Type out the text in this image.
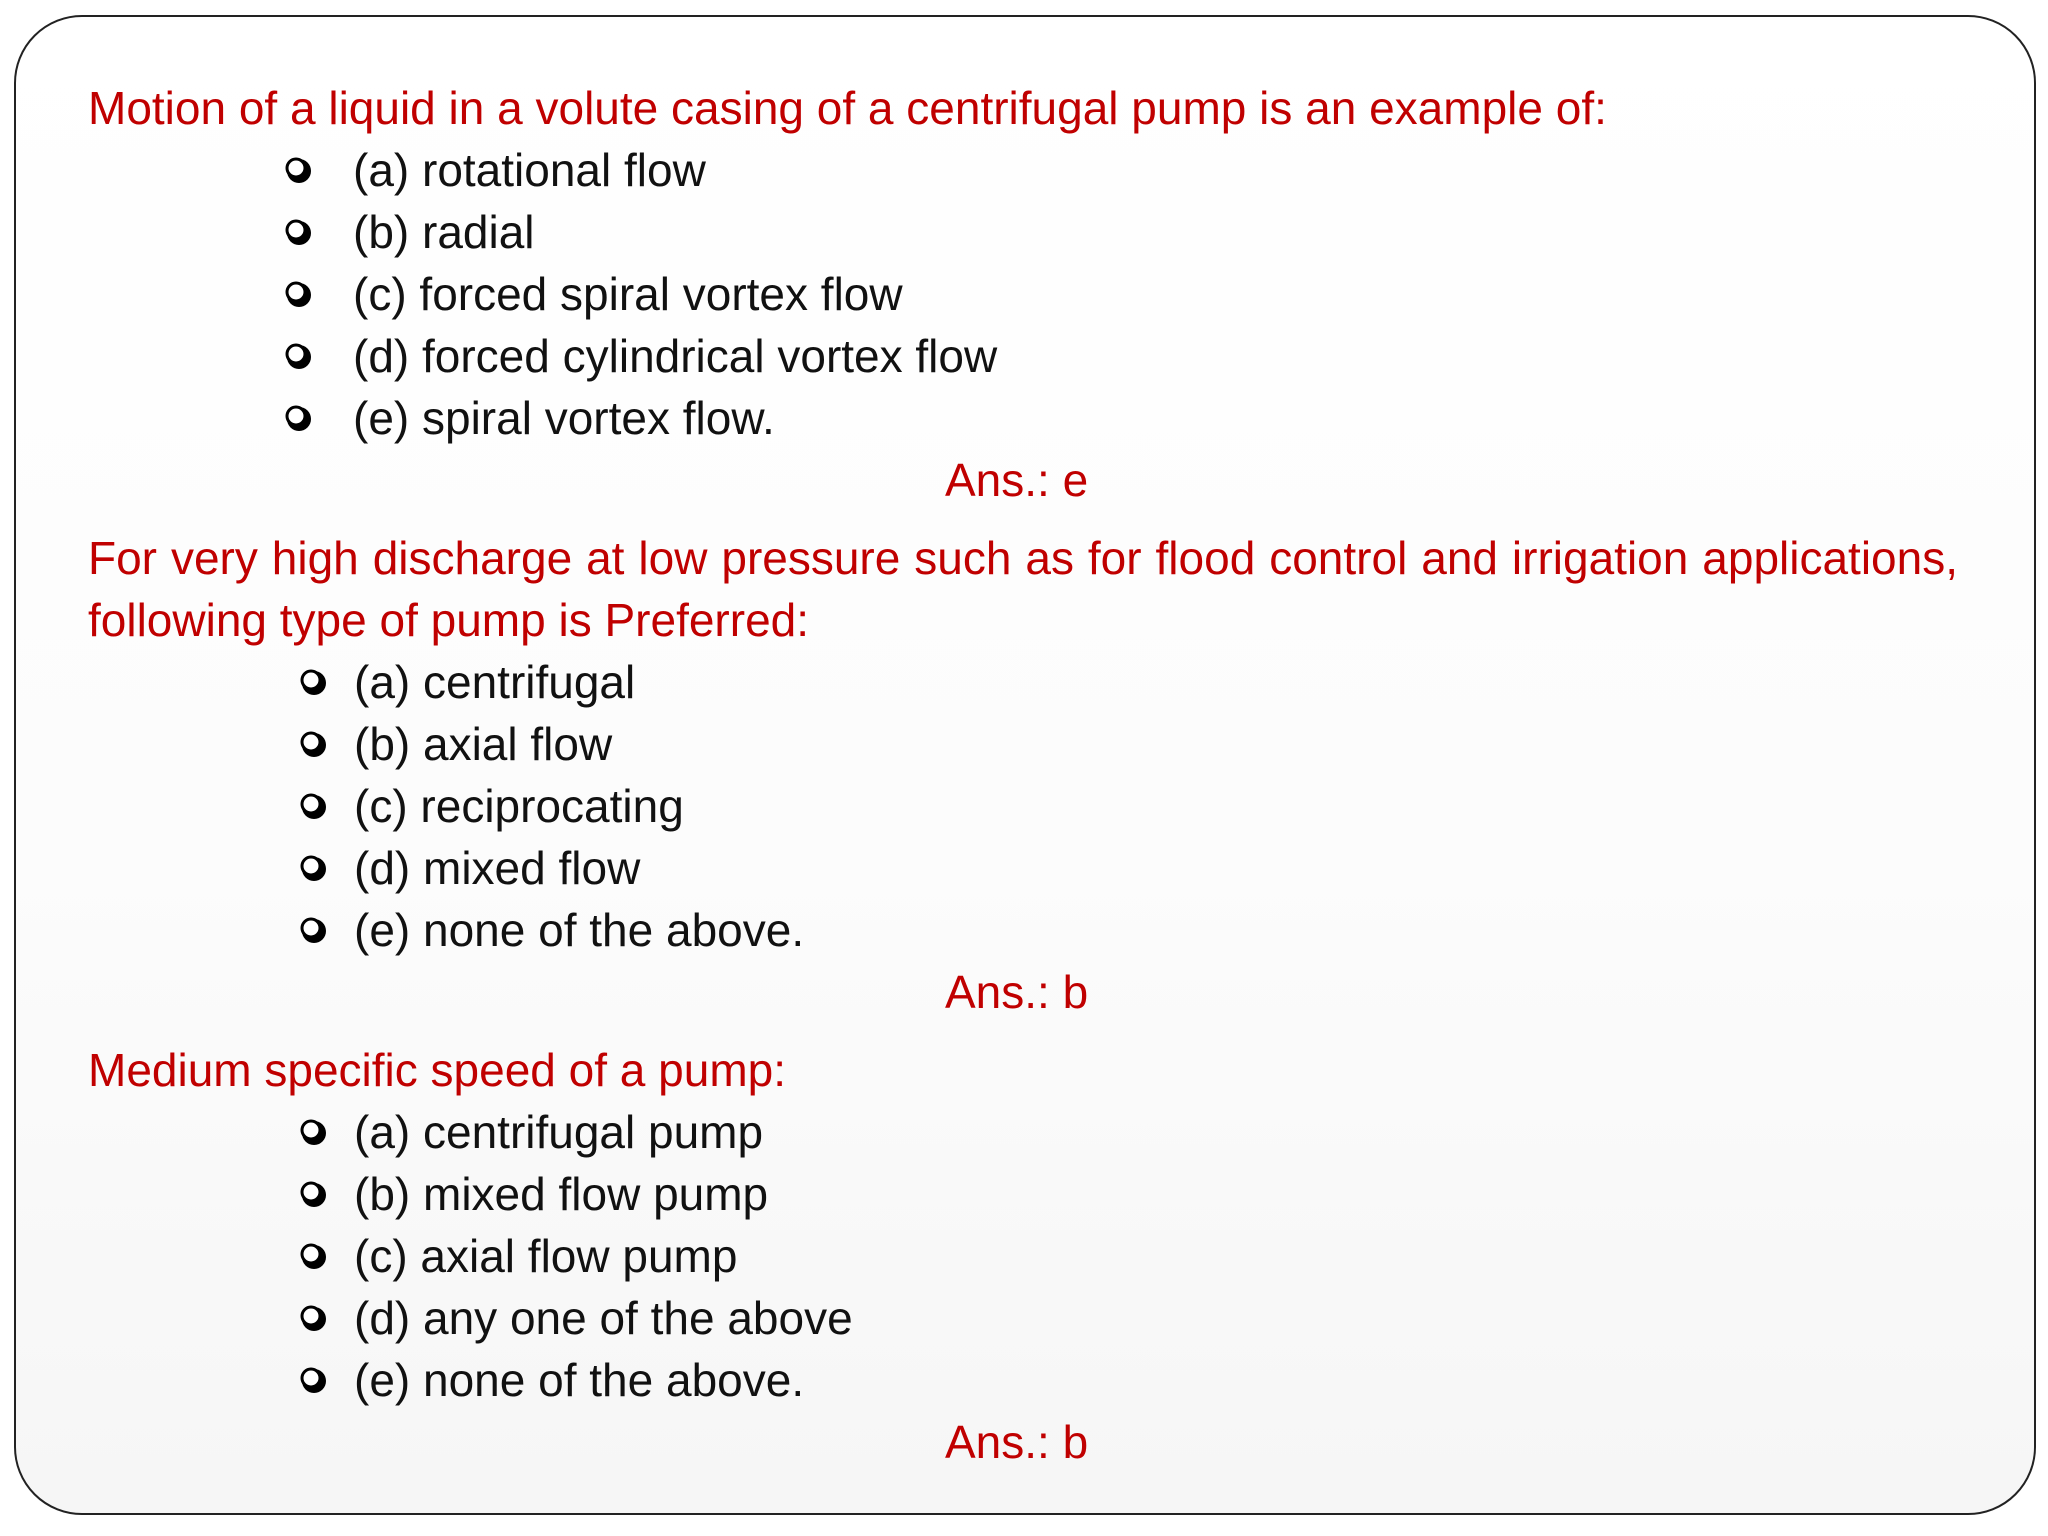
Motion of a liquid in a volute casing of a centrifugal pump is an example of:

(a) rotational flow
(b) radial
(c) forced spiral vortex flow
(d) forced cylindrical vortex flow
(e) spiral vortex flow.

Ans.: e

For very high discharge at low pressure such as for flood control and irrigation applications, following type of pump is Preferred:

(a) centrifugal
(b) axial flow
(c) reciprocating
(d) mixed flow
(e) none of the above.

Ans.: b

Medium specific speed of a pump:

(a) centrifugal pump
(b) mixed flow pump
(c) axial flow pump
(d) any one of the above
(e) none of the above.

Ans.: b
